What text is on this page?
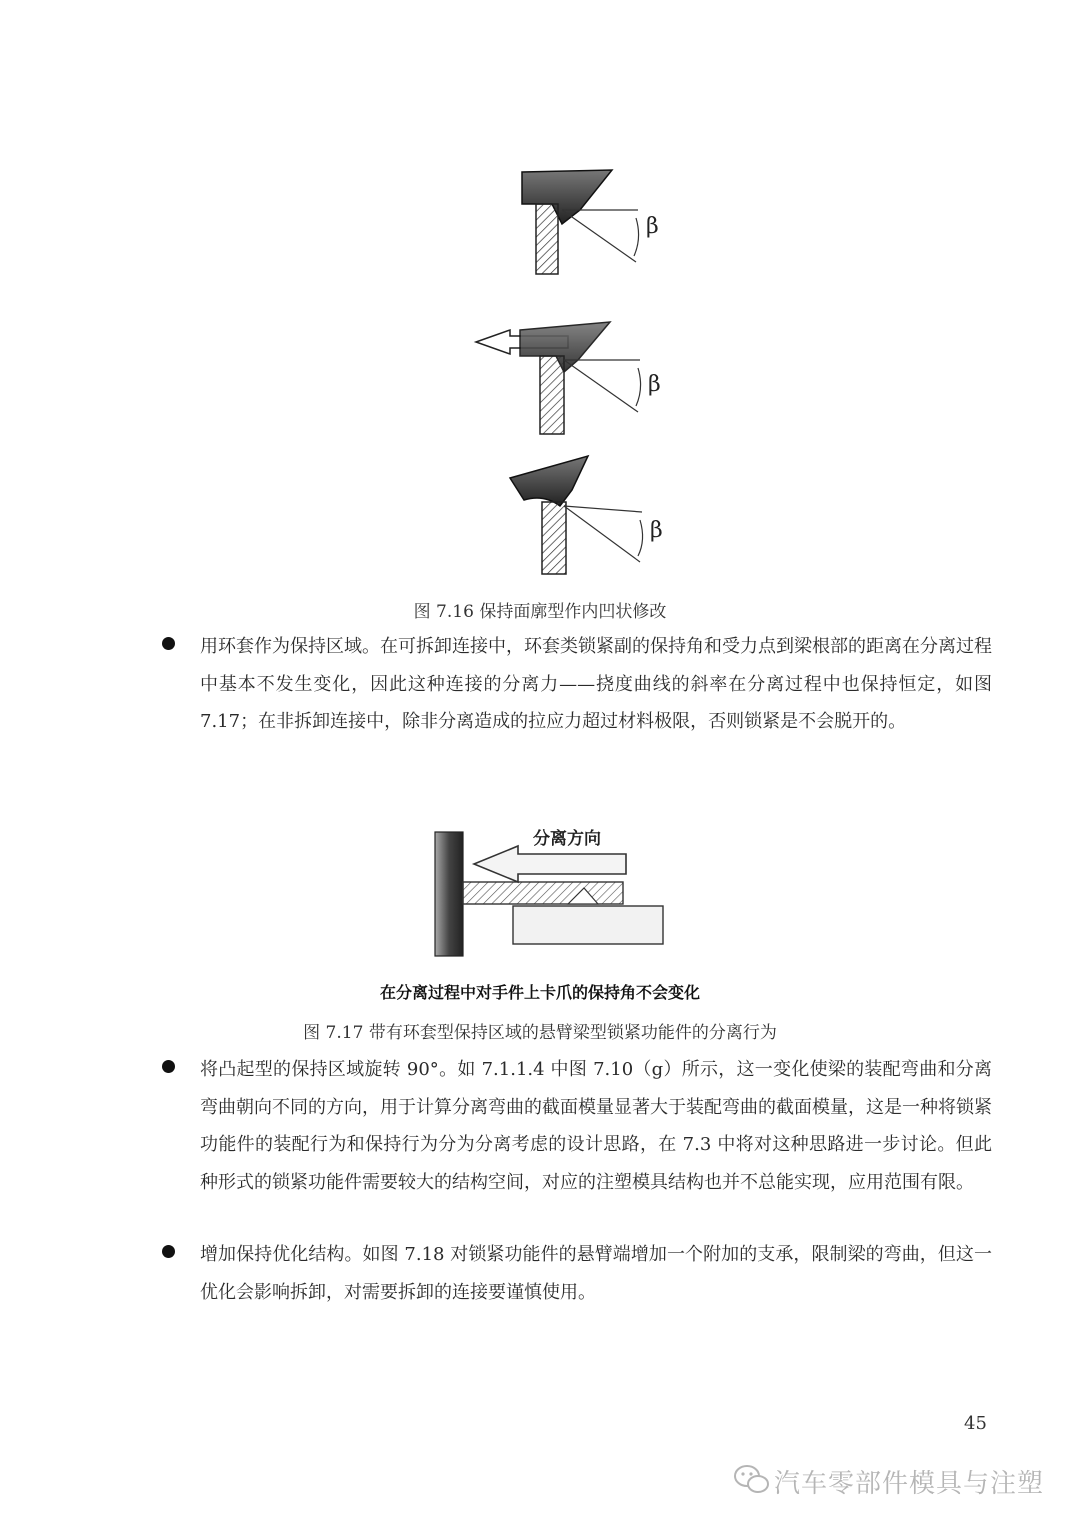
β
β
β
图 7.16 保持面廓型作内凹状修改
用环套作为保持区域。在可拆卸连接中，环套类锁紧副的保持角和受力点到梁根部的距离在分离过程中基本不发生变化，因此这种连接的分离力——挠度曲线的斜率在分离过程中也保持恒定，如图 7.17；在非拆卸连接中，除非分离造成的拉应力超过材料极限，否则锁紧是不会脱开的。
分离方向
在分离过程中对手件上卡爪的保持角不会变化
图 7.17 带有环套型保持区域的悬臂梁型锁紧功能件的分离行为
将凸起型的保持区域旋转 90°。如 7.1.1.4 中图 7.10（g）所示，这一变化使梁的装配弯曲和分离弯曲朝向不同的方向，用于计算分离弯曲的截面模量显著大于装配弯曲的截面模量，这是一种将锁紧功能件的装配行为和保持行为分为分离考虑的设计思路，在 7.3 中将对这种思路进一步讨论。但此种形式的锁紧功能件需要较大的结构空间，对应的注塑模具结构也并不总能实现，应用范围有限。
增加保持优化结构。如图 7.18 对锁紧功能件的悬臂端增加一个附加的支承，限制梁的弯曲，但这一优化会影响拆卸，对需要拆卸的连接要谨慎使用。
45
汽车零部件模具与注塑
